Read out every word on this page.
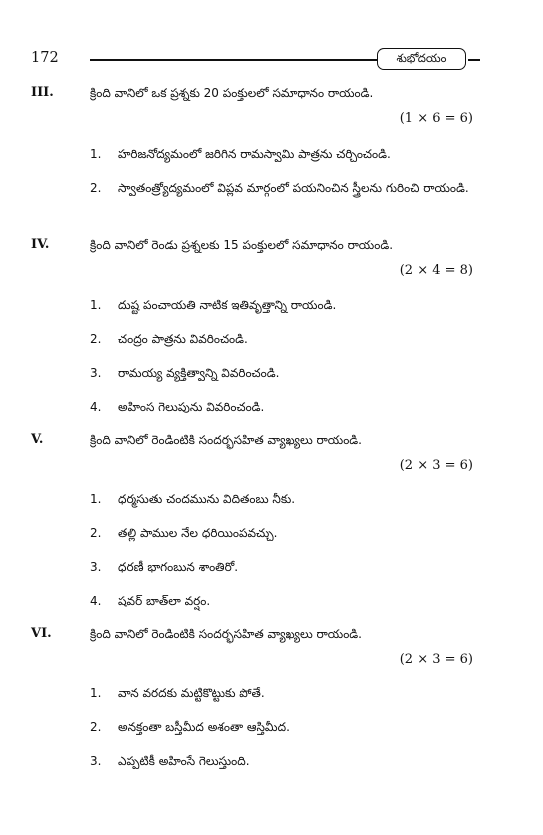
172	శుభోదయం
III.	క్రింది వానిలో ఒక ప్రశ్నకు 20 పంక్తులలో సమాధానం రాయండి.
(1 × 6 = 6)
1. హరిజనోద్యమంలో జరిగిన రామస్వామి పాత్రను చర్చించండి.
2. స్వాతంత్ర్యోద్యమంలో విప్లవ మార్గంలో పయనించిన స్త్రీలను గురించి రాయండి.
IV.	క్రింది వానిలో రెండు ప్రశ్నలకు 15 పంక్తులలో సమాధానం రాయండి.
(2 × 4 = 8)
1. దుష్ట పంచాయతి నాటిక ఇతివృత్తాన్ని రాయండి.
2. చంద్రం పాత్రను వివరించండి.
3. రామయ్య వ్యక్తిత్వాన్ని వివరించండి.
4. అహింస గెలుపును వివరించండి.
V.	క్రింది వానిలో రెండింటికి సందర్భసహిత వ్యాఖ్యలు రాయండి.
(2 × 3 = 6)
1. ధర్మసుతు చందమును విదితంబు నీకు.
2. తల్లి పాముల నేల ధరియింపవచ్చు.
3. ధరణీ భాగంబున శాంతిరో.
4. షవర్ బాత్‌లా వర్షం.
VI.	క్రింది వానిలో రెండింటికి సందర్భసహిత వ్యాఖ్యలు రాయండి.
(2 × 3 = 6)
1. వాన వరదకు మట్టికొట్టుకు పోతే.
2. అనక్తంతా బస్తీమీద అశంతా ఆస్తిమీద.
3. ఎప్పటికీ అహింసే గెలుస్తుంది.
